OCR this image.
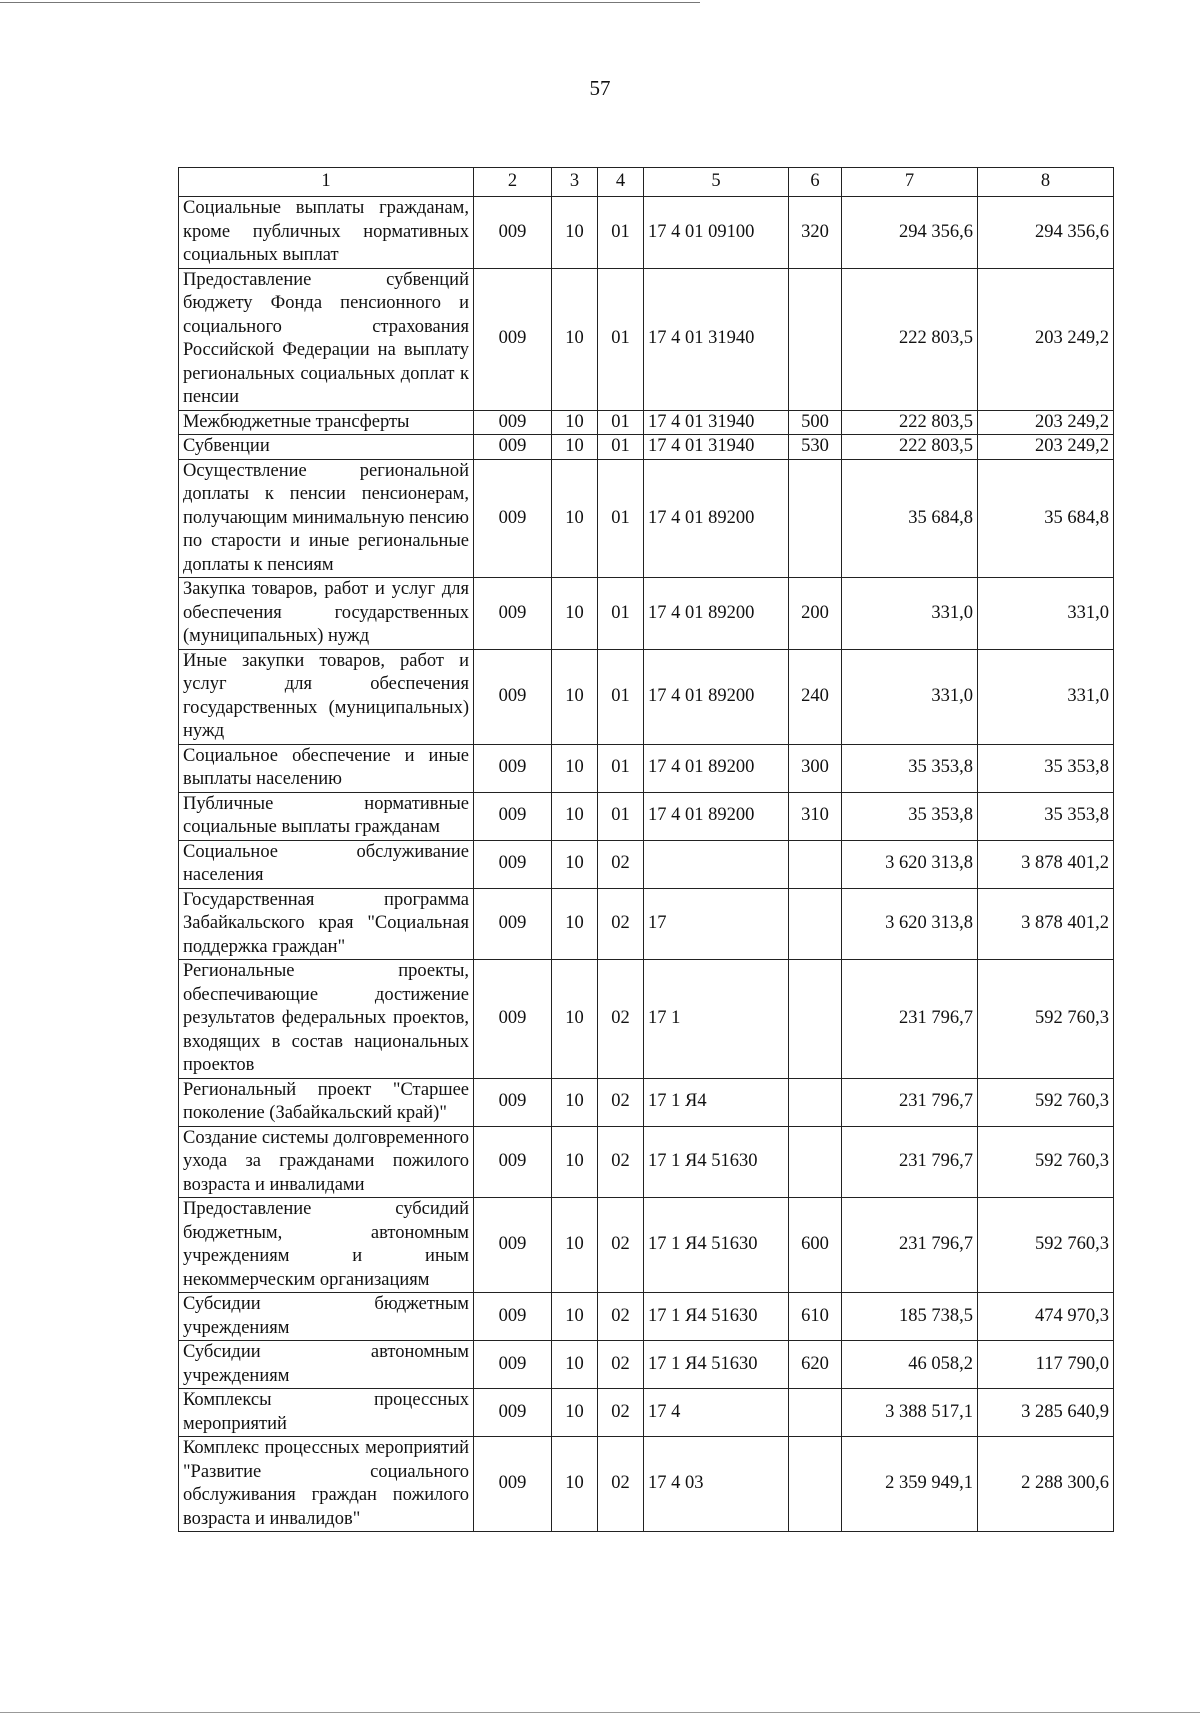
57
1	2	3	4	5	6	7	8
Социальные выплаты гражданам, кроме публичных нормативных социальных выплат	009	10	01	17 4 01 09100	320	294 356,6	294 356,6
Предоставление субвенций бюджету Фонда пенсионного и социального страхования Российской Федерации на выплату региональных социальных доплат к пенсии	009	10	01	17 4 01 31940		222 803,5	203 249,2
Межбюджетные трансферты	009	10	01	17 4 01 31940	500	222 803,5	203 249,2
Субвенции	009	10	01	17 4 01 31940	530	222 803,5	203 249,2
Осуществление региональной доплаты к пенсии пенсионерам, получающим минимальную пенсию по старости и иные региональные доплаты к пенсиям	009	10	01	17 4 01 89200		35 684,8	35 684,8
Закупка товаров, работ и услуг для обеспечения государственных (муниципальных) нужд	009	10	01	17 4 01 89200	200	331,0	331,0
Иные закупки товаров, работ и услуг для обеспечения государственных (муниципальных) нужд	009	10	01	17 4 01 89200	240	331,0	331,0
Социальное обеспечение и иные выплаты населению	009	10	01	17 4 01 89200	300	35 353,8	35 353,8
Публичные нормативные социальные выплаты гражданам	009	10	01	17 4 01 89200	310	35 353,8	35 353,8
Социальное обслуживание населения	009	10	02			3 620 313,8	3 878 401,2
Государственная программа Забайкальского края "Социальная поддержка граждан"	009	10	02	17		3 620 313,8	3 878 401,2
Региональные проекты, обеспечивающие достижение результатов федеральных проектов, входящих в состав национальных проектов	009	10	02	17 1		231 796,7	592 760,3
Региональный проект "Старшее поколение (Забайкальский край)"	009	10	02	17 1 Я4		231 796,7	592 760,3
Создание системы долговременного ухода за гражданами пожилого возраста и инвалидами	009	10	02	17 1 Я4 51630		231 796,7	592 760,3
Предоставление субсидий бюджетным, автономным учреждениям и иным некоммерческим организациям	009	10	02	17 1 Я4 51630	600	231 796,7	592 760,3
Субсидии бюджетным учреждениям	009	10	02	17 1 Я4 51630	610	185 738,5	474 970,3
Субсидии автономным учреждениям	009	10	02	17 1 Я4 51630	620	46 058,2	117 790,0
Комплексы процессных мероприятий	009	10	02	17 4		3 388 517,1	3 285 640,9
Комплекс процессных мероприятий "Развитие социального обслуживания граждан пожилого возраста и инвалидов"	009	10	02	17 4 03		2 359 949,1	2 288 300,6
